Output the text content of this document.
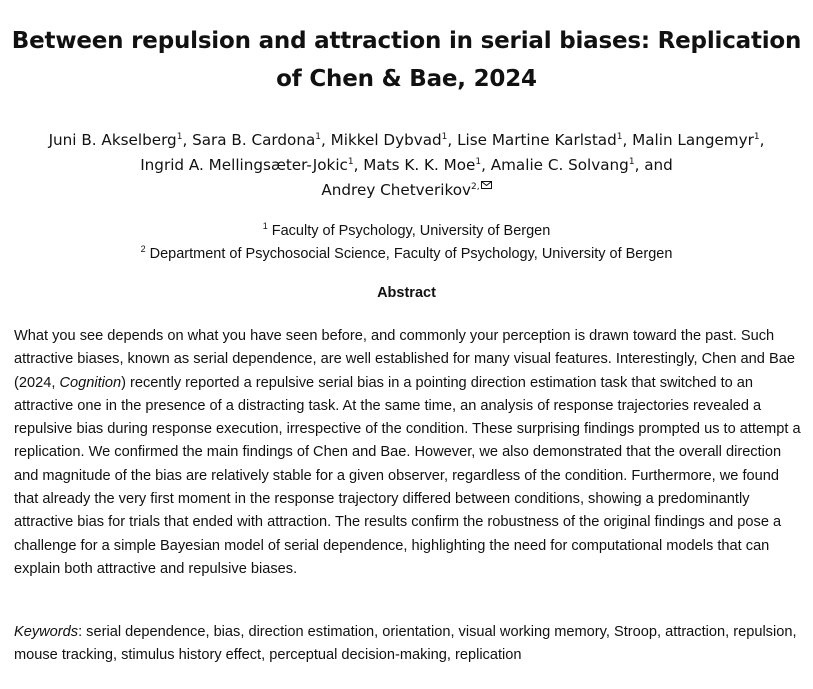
Between repulsion and attraction in serial biases: Replication of Chen & Bae, 2024
Juni B. Akselberg$^1$, Sara B. Cardona$^1$, Mikkel Dybvad$^1$, Lise Martine Karlstad$^1$, Malin Langemyr$^1$,
Ingrid A. Mellingsæter-Jokic$^1$, Mats K. K. Moe$^1$, Amalie C. Solvang$^1$, and
Andrey Chetverikov$^{2,}$
$^1$ Faculty of Psychology, University of Bergen
$^2$ Department of Psychosocial Science, Faculty of Psychology, University of Bergen
Abstract

What you see depends on what you have seen before, and commonly your perception is drawn toward the past. Such attractive biases, known as serial dependence, are well established for many visual features. Interestingly, Chen and Bae (2024, Cognition) recently reported a repulsive serial bias in a pointing direction estimation task that switched to an attractive one in the presence of a distracting task. At the same time, an analysis of response trajectories revealed a repulsive bias during response execution, irrespective of the condition. These surprising findings prompted us to attempt a replication. We confirmed the main findings of Chen and Bae. However, we also demonstrated that the overall direction and magnitude of the bias are relatively stable for a given observer, regardless of the condition. Furthermore, we found that already the very first moment in the response trajectory differed between conditions, showing a predominantly attractive bias for trials that ended with attraction. The results confirm the robustness of the original findings and pose a challenge for a simple Bayesian model of serial dependence, highlighting the need for computational models that can explain both attractive and repulsive biases.

Keywords: serial dependence, bias, direction estimation, orientation, visual working memory, Stroop, attraction, repulsion, mouse tracking, stimulus history effect, perceptual decision-making, replication
